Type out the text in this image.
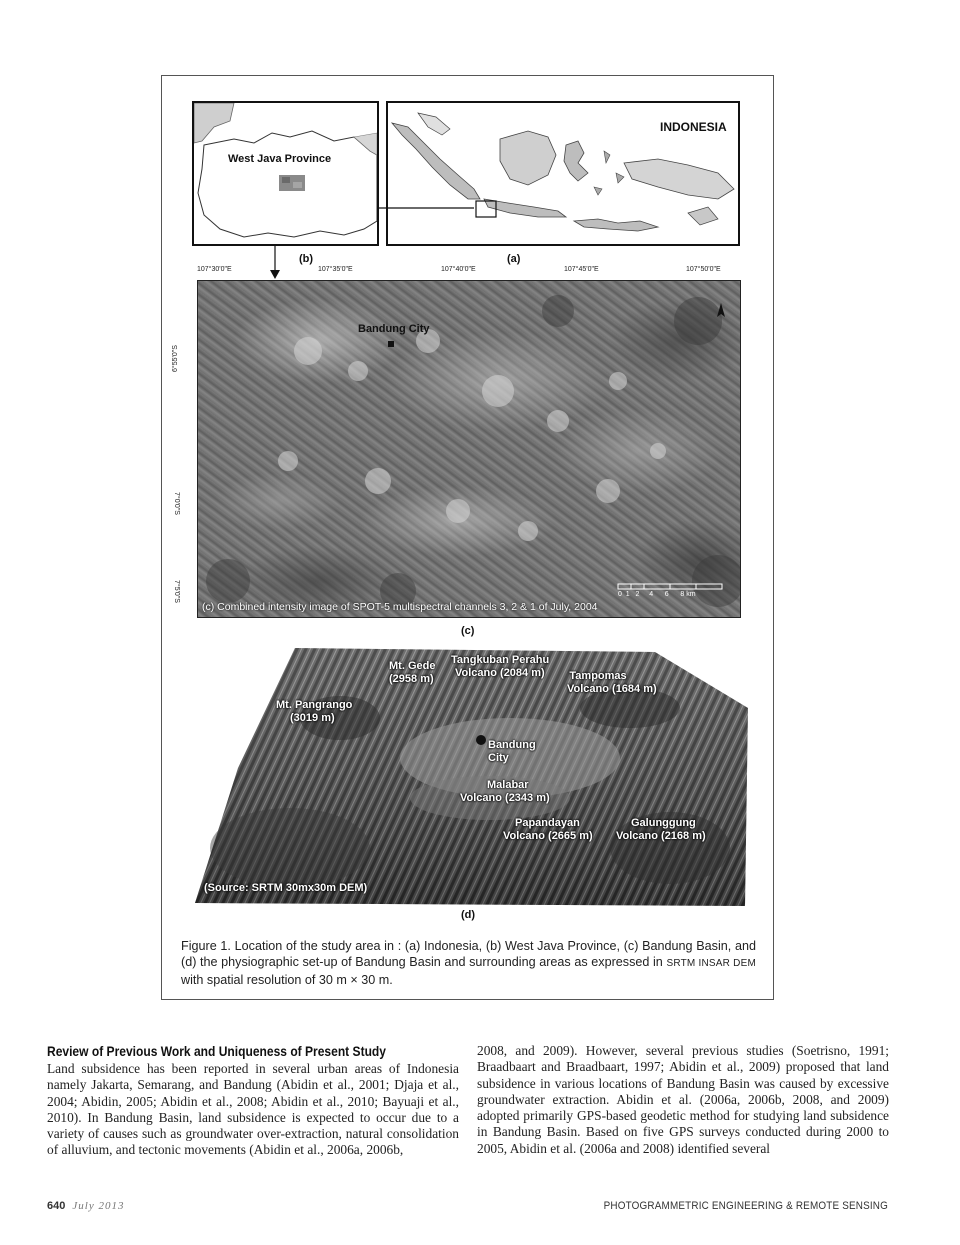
West Java Province
INDONESIA
(b)	(a)
107°30'0"E	107°35'0"E	107°40'0"E	107°45'0"E	107°50'0"E
6°55'0"S
7°0'0"S
7°5'0"S
Bandung City
0 1 2 4 6 8 km
(c) Combined intensity image of SPOT-5 multispectral channels 3, 2 & 1 of July, 2004
(c)
Mt. Gede
(2958 m)
Tangkuban Perahu
Volcano (2084 m)	Tampomas
Volcano (1684 m)
Mt. Pangrango
(3019 m)
Bandung
City
Malabar
Volcano (2343 m)
Papandayan
Volcano (2665 m)
Galunggung
Volcano (2168 m)
(Source: SRTM 30mx30m DEM)
(d)
Figure 1. Location of the study area in : (a) Indonesia, (b) West Java Province, (c) Bandung Basin, and (d) the physiographic set-up of Bandung Basin and surrounding areas as expressed in SRTM INSAR DEM with spatial resolution of 30 m × 30 m.
Review of Previous Work and Uniqueness of Present Study

Land subsidence has been reported in several urban areas of Indonesia namely Jakarta, Semarang, and Bandung (Abidin et al., 2001; Djaja et al., 2004; Abidin, 2005; Abidin et al., 2008; Abidin et al., 2010; Bayuaji et al., 2010). In Bandung Basin, land subsidence is expected to occur due to a variety of causes such as groundwater over-extraction, natural consolidation of alluvium, and tectonic movements (Abidin et al., 2006a, 2006b,

2008, and 2009). However, several previous studies (Soetrisno, 1991; Braadbaart and Braadbaart, 1997; Abidin et al., 2009) proposed that land subsidence in various locations of Bandung Basin was caused by excessive groundwater extraction. Abidin et al. (2006a, 2006b, 2008, and 2009) adopted primarily GPS-based geodetic method for studying land subsidence in Bandung Basin. Based on five GPS surveys conducted during 2000 to 2005, Abidin et al. (2006a and 2008) identified several

640 July 2013	PHOTOGRAMMETRIC ENGINEERING & REMOTE SENSING
